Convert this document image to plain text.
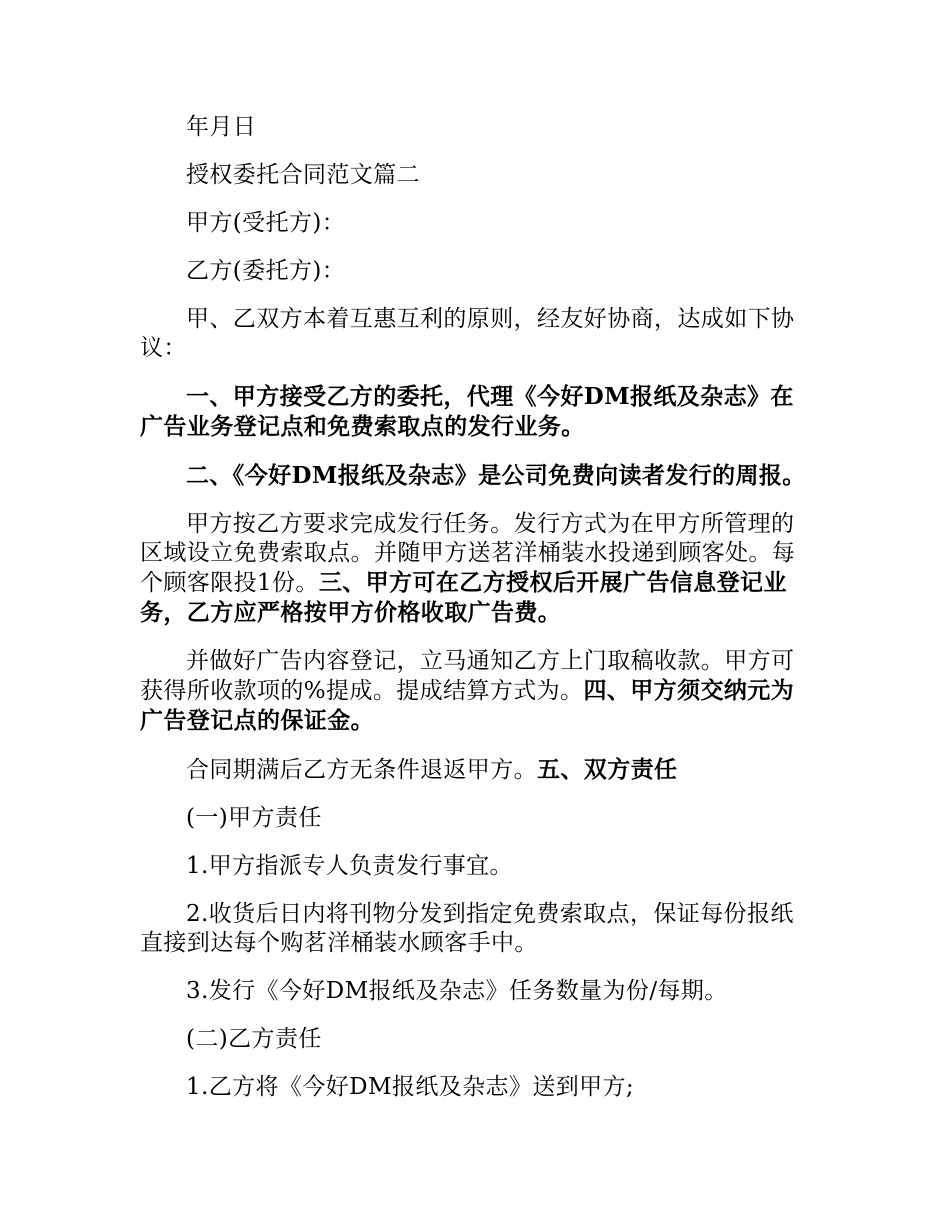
年月日

授权委托合同范文篇二

甲方(受托方)：

乙方(委托方)：

甲、乙双方本着互惠互利的原则，经友好协商，达成如下协议：

一、甲方接受乙方的委托，代理《今好DM报纸及杂志》在广告业务登记点和免费索取点的发行业务。

二、《今好DM报纸及杂志》是公司免费向读者发行的周报。

甲方按乙方要求完成发行任务。发行方式为在甲方所管理的区域设立免费索取点。并随甲方送茗洋桶装水投递到顾客处。每个顾客限投1份。三、甲方可在乙方授权后开展广告信息登记业务，乙方应严格按甲方价格收取广告费。

并做好广告内容登记，立马通知乙方上门取稿收款。甲方可获得所收款项的%提成。提成结算方式为。四、甲方须交纳元为广告登记点的保证金。

合同期满后乙方无条件退返甲方。五、双方责任

(一)甲方责任

1.甲方指派专人负责发行事宜。

2.收货后日内将刊物分发到指定免费索取点，保证每份报纸直接到达每个购茗洋桶装水顾客手中。

3.发行《今好DM报纸及杂志》任务数量为份/每期。

(二)乙方责任

1.乙方将《今好DM报纸及杂志》送到甲方;
